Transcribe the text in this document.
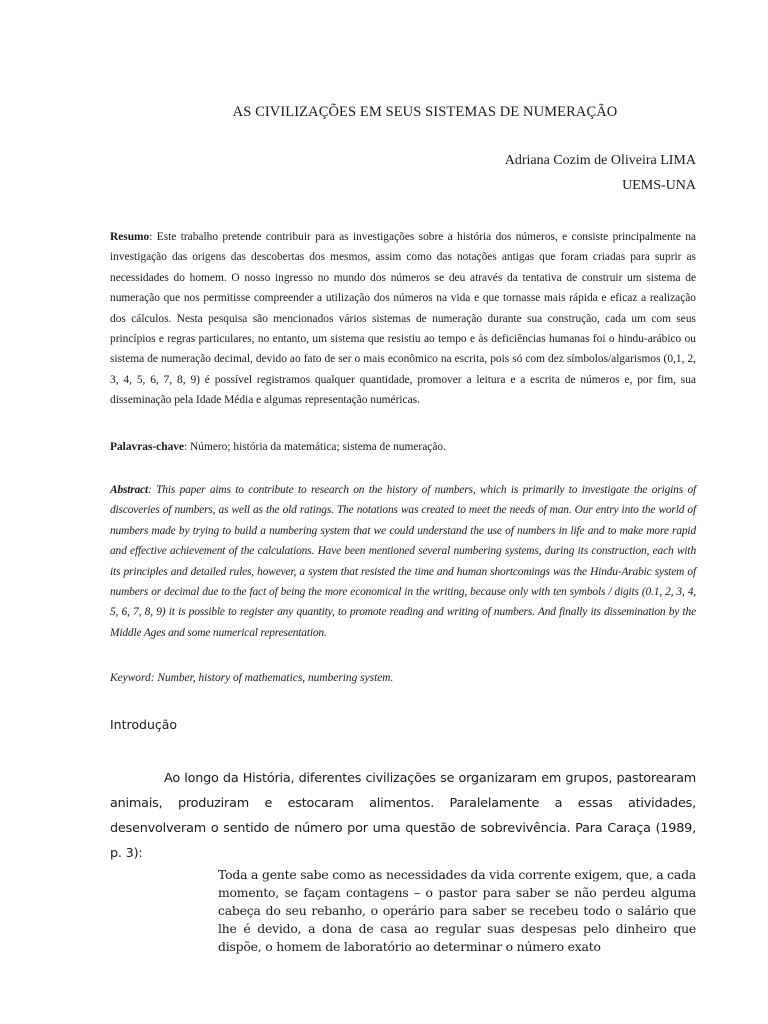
AS CIVILIZAÇÕES EM SEUS SISTEMAS DE NUMERAÇÃO
Adriana Cozim de Oliveira LIMA
UEMS-UNA
Resumo: Este trabalho pretende contribuir para as investigações sobre a história dos números, e consiste principalmente na investigação das origens das descobertas dos mesmos, assim como das notações antigas que foram criadas para suprir as necessidades do homem. O nosso ingresso no mundo dos números se deu através da tentativa de construir um sistema de numeração que nos permitisse compreender a utilização dos números na vida e que tornasse mais rápida e eficaz a realização dos cálculos. Nesta pesquisa são mencionados vários sistemas de numeração durante sua construção, cada um com seus princípios e regras particulares, no entanto, um sistema que resistiu ao tempo e às deficiências humanas foi o hindu-arábico ou sistema de numeração decimal, devido ao fato de ser o mais econômico na escrita, pois só com dez símbolos/algarismos (0,1, 2, 3, 4, 5, 6, 7, 8, 9) é possível registramos qualquer quantidade, promover a leitura e a escrita de números e, por fim, sua disseminação pela Idade Média e algumas representação numéricas.
Palavras-chave: Número; história da matemática; sistema de numeração.
Abstract: This paper aims to contribute to research on the history of numbers, which is primarily to investigate the origins of discoveries of numbers, as well as the old ratings. The notations was created to meet the needs of man. Our entry into the world of numbers made by trying to build a numbering system that we could understand the use of numbers in life and to make more rapid and effective achievement of the calculations. Have been mentioned several numbering systems, during its construction, each with its principles and detailed rules, however, a system that resisted the time and human shortcomings was the Hindu-Arabic system of numbers or decimal due to the fact of being the more economical in the writing, because only with ten symbols / digits (0.1, 2, 3, 4, 5, 6, 7, 8, 9) it is possible to register any quantity, to promote reading and writing of numbers. And finally its dissemination by the Middle Ages and some numerical representation.
Keyword: Number, history of mathematics, numbering system.
Introdução
Ao longo da História, diferentes civilizações se organizaram em grupos, pastorearam animais, produziram e estocaram alimentos. Paralelamente a essas atividades, desenvolveram o sentido de número por uma questão de sobrevivência. Para Caraça (1989, p. 3):
Toda a gente sabe como as necessidades da vida corrente exigem, que, a cada momento, se façam contagens – o pastor para saber se não perdeu alguma cabeça do seu rebanho, o operário para saber se recebeu todo o salário que lhe é devido, a dona de casa ao regular suas despesas pelo dinheiro que dispõe, o homem de laboratório ao determinar o número exato
